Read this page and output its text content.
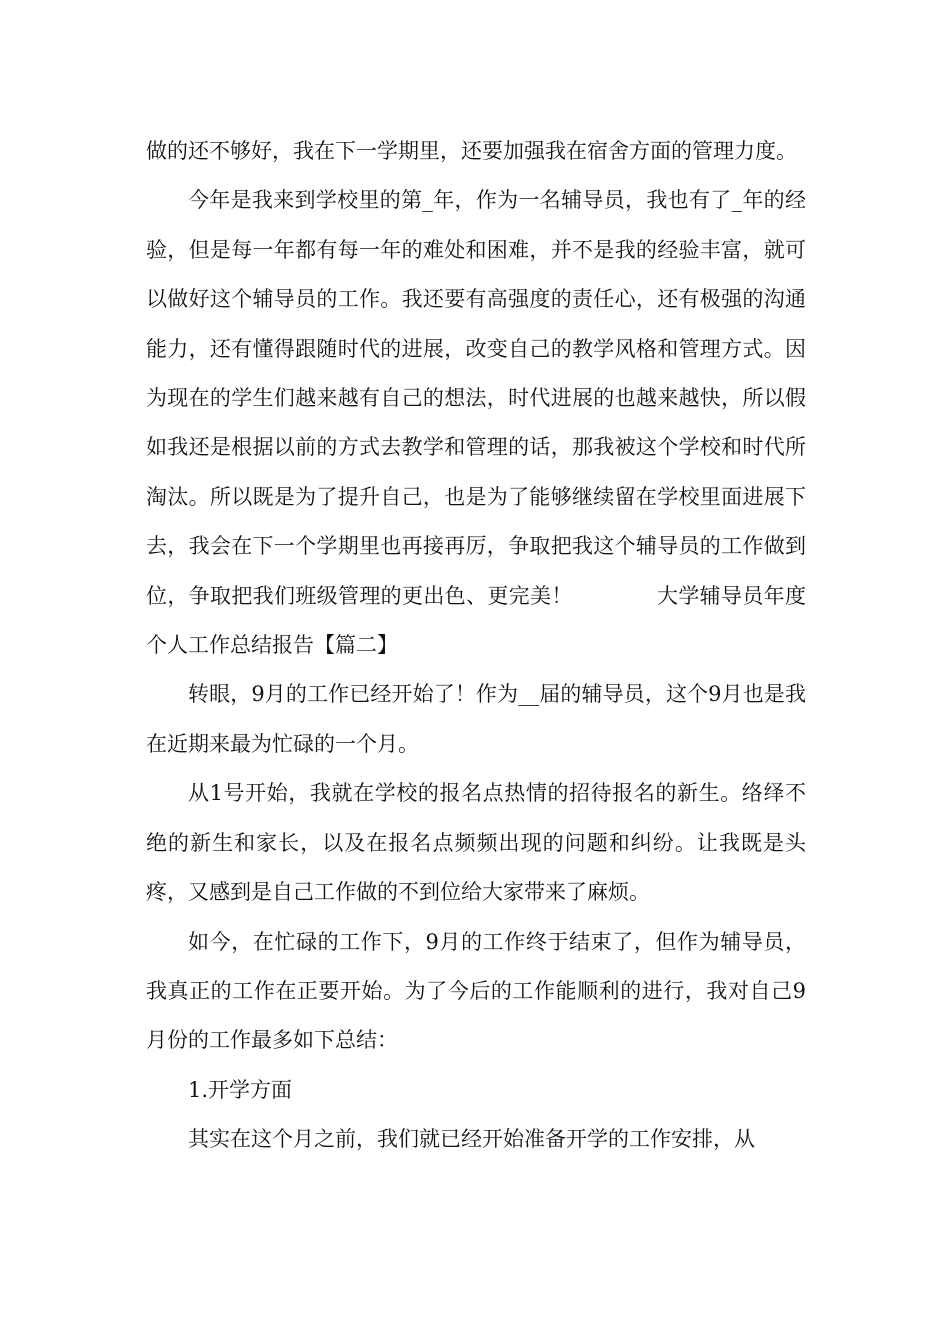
做的还不够好，我在下一学期里，还要加强我在宿舍方面的管理力度。

今年是我来到学校里的第_年，作为一名辅导员，我也有了_年的经验，但是每一年都有每一年的难处和困难，并不是我的经验丰富，就可以做好这个辅导员的工作。我还要有高强度的责任心，还有极强的沟通能力，还有懂得跟随时代的进展，改变自己的教学风格和管理方式。因为现在的学生们越来越有自己的想法，时代进展的也越来越快，所以假如我还是根据以前的方式去教学和管理的话，那我被这个学校和时代所淘汰。所以既是为了提升自己，也是为了能够继续留在学校里面进展下去，我会在下一个学期里也再接再厉，争取把我这个辅导员的工作做到位，争取把我们班级管理的更出色、更完美！	大学辅导员年度个人工作总结报告【篇二】

转眼，9月的工作已经开始了！作为__届的辅导员，这个9月也是我在近期来最为忙碌的一个月。

从1号开始，我就在学校的报名点热情的招待报名的新生。络绎不绝的新生和家长，以及在报名点频频出现的问题和纠纷。让我既是头疼，又感到是自己工作做的不到位给大家带来了麻烦。

如今，在忙碌的工作下，9月的工作终于结束了，但作为辅导员，我真正的工作在正要开始。为了今后的工作能顺利的进行，我对自己9月份的工作最多如下总结：

1.开学方面

其实在这个月之前，我们就已经开始准备开学的工作安排，从
